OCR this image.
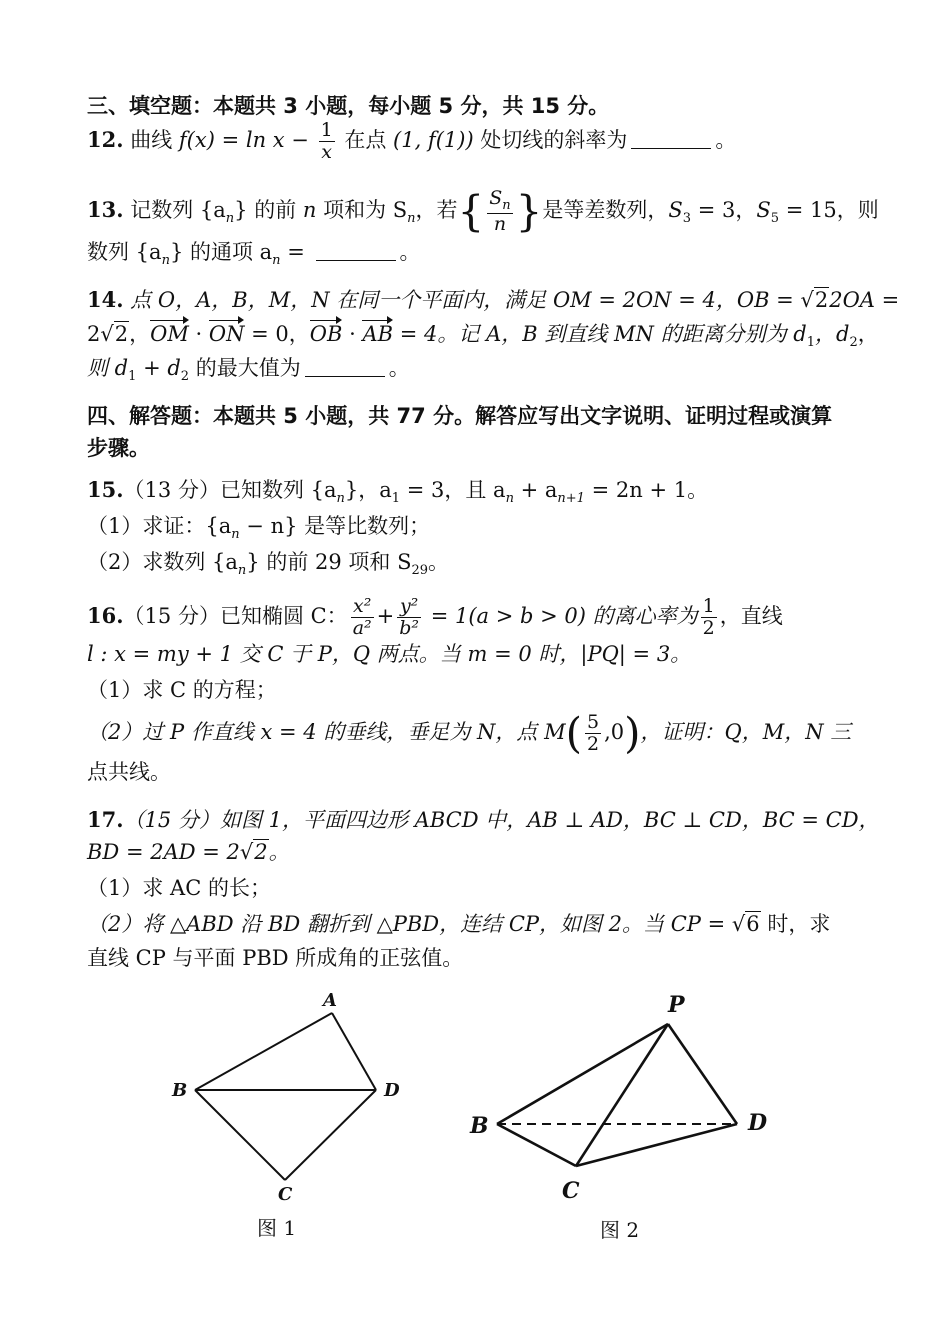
三、填空题：本题共 3 小题，每小题 5 分，共 15 分。
12. 曲线 $f(x) = \ln x - \frac{1}{x}$ 在点 (1, f(1)) 处切线的斜率为	。
13. 记数列 $\{a_n\}$ 的前 n 项和为 $S_n$，若{ $\frac{S_n}{n}$ }是等差数列，$S_3 = 3$，$S_5 = 15$，则
数列 $\{a_n\}$ 的通项 $a_n$ =	。
14. 点 O，A，B，M，N 在同一个平面内，满足 OM = 2ON = 4，OB = √22OA =
2√2，OM · ON = 0，OB · AB = 4。记 A，B 到直线 MN 的距离分别为 $d_1$，$d_2$，
则 $d_1 + d_2$ 的最大值为	。
四、解答题：本题共 5 小题，共 77 分。解答应写出文字说明、证明过程或演算
步骤。
15.（13 分）已知数列 $\{a_n\}$，$a_1 = 3$，且 $a_n + a_{n+1} = 2n + 1$。
（1）求证：$\{a_n - n\}$ 是等比数列；
（2）求数列 $\{a_n\}$ 的前 29 项和 $S_{29}$。
16.（15 分）已知椭圆 C： $\frac{\text{x²}}{\text{a²}} + \frac{\text{y²}}{\text{b²}} = 1(a > b > 0)$ 的离心率为 $\frac{1}{2}$ ，直线
l : x = my + 1 交 C 于 P，Q 两点。当 m = 0 时，|PQ| = 3。
（1）求 C 的方程；
（2）过 P 作直线 x = 4 的垂线，垂足为 N，点 $M( \frac{5}{2} ,0)$，证明：Q，M，N 三
点共线。
17.（15 分）如图 1，平面四边形 ABCD 中，AB ⊥ AD，BC ⊥ CD，BC = CD，
BD = 2AD = 2√2。
（1）求 AC 的长；
（2）将 △ABD 沿 BD 翻折到 △PBD，连结 CP，如图 2。当 CP = √6 时，求
直线 CP 与平面 PBD 所成角的正弦值。
A
B
C
D
P
B
C
D
图 1	图 2
